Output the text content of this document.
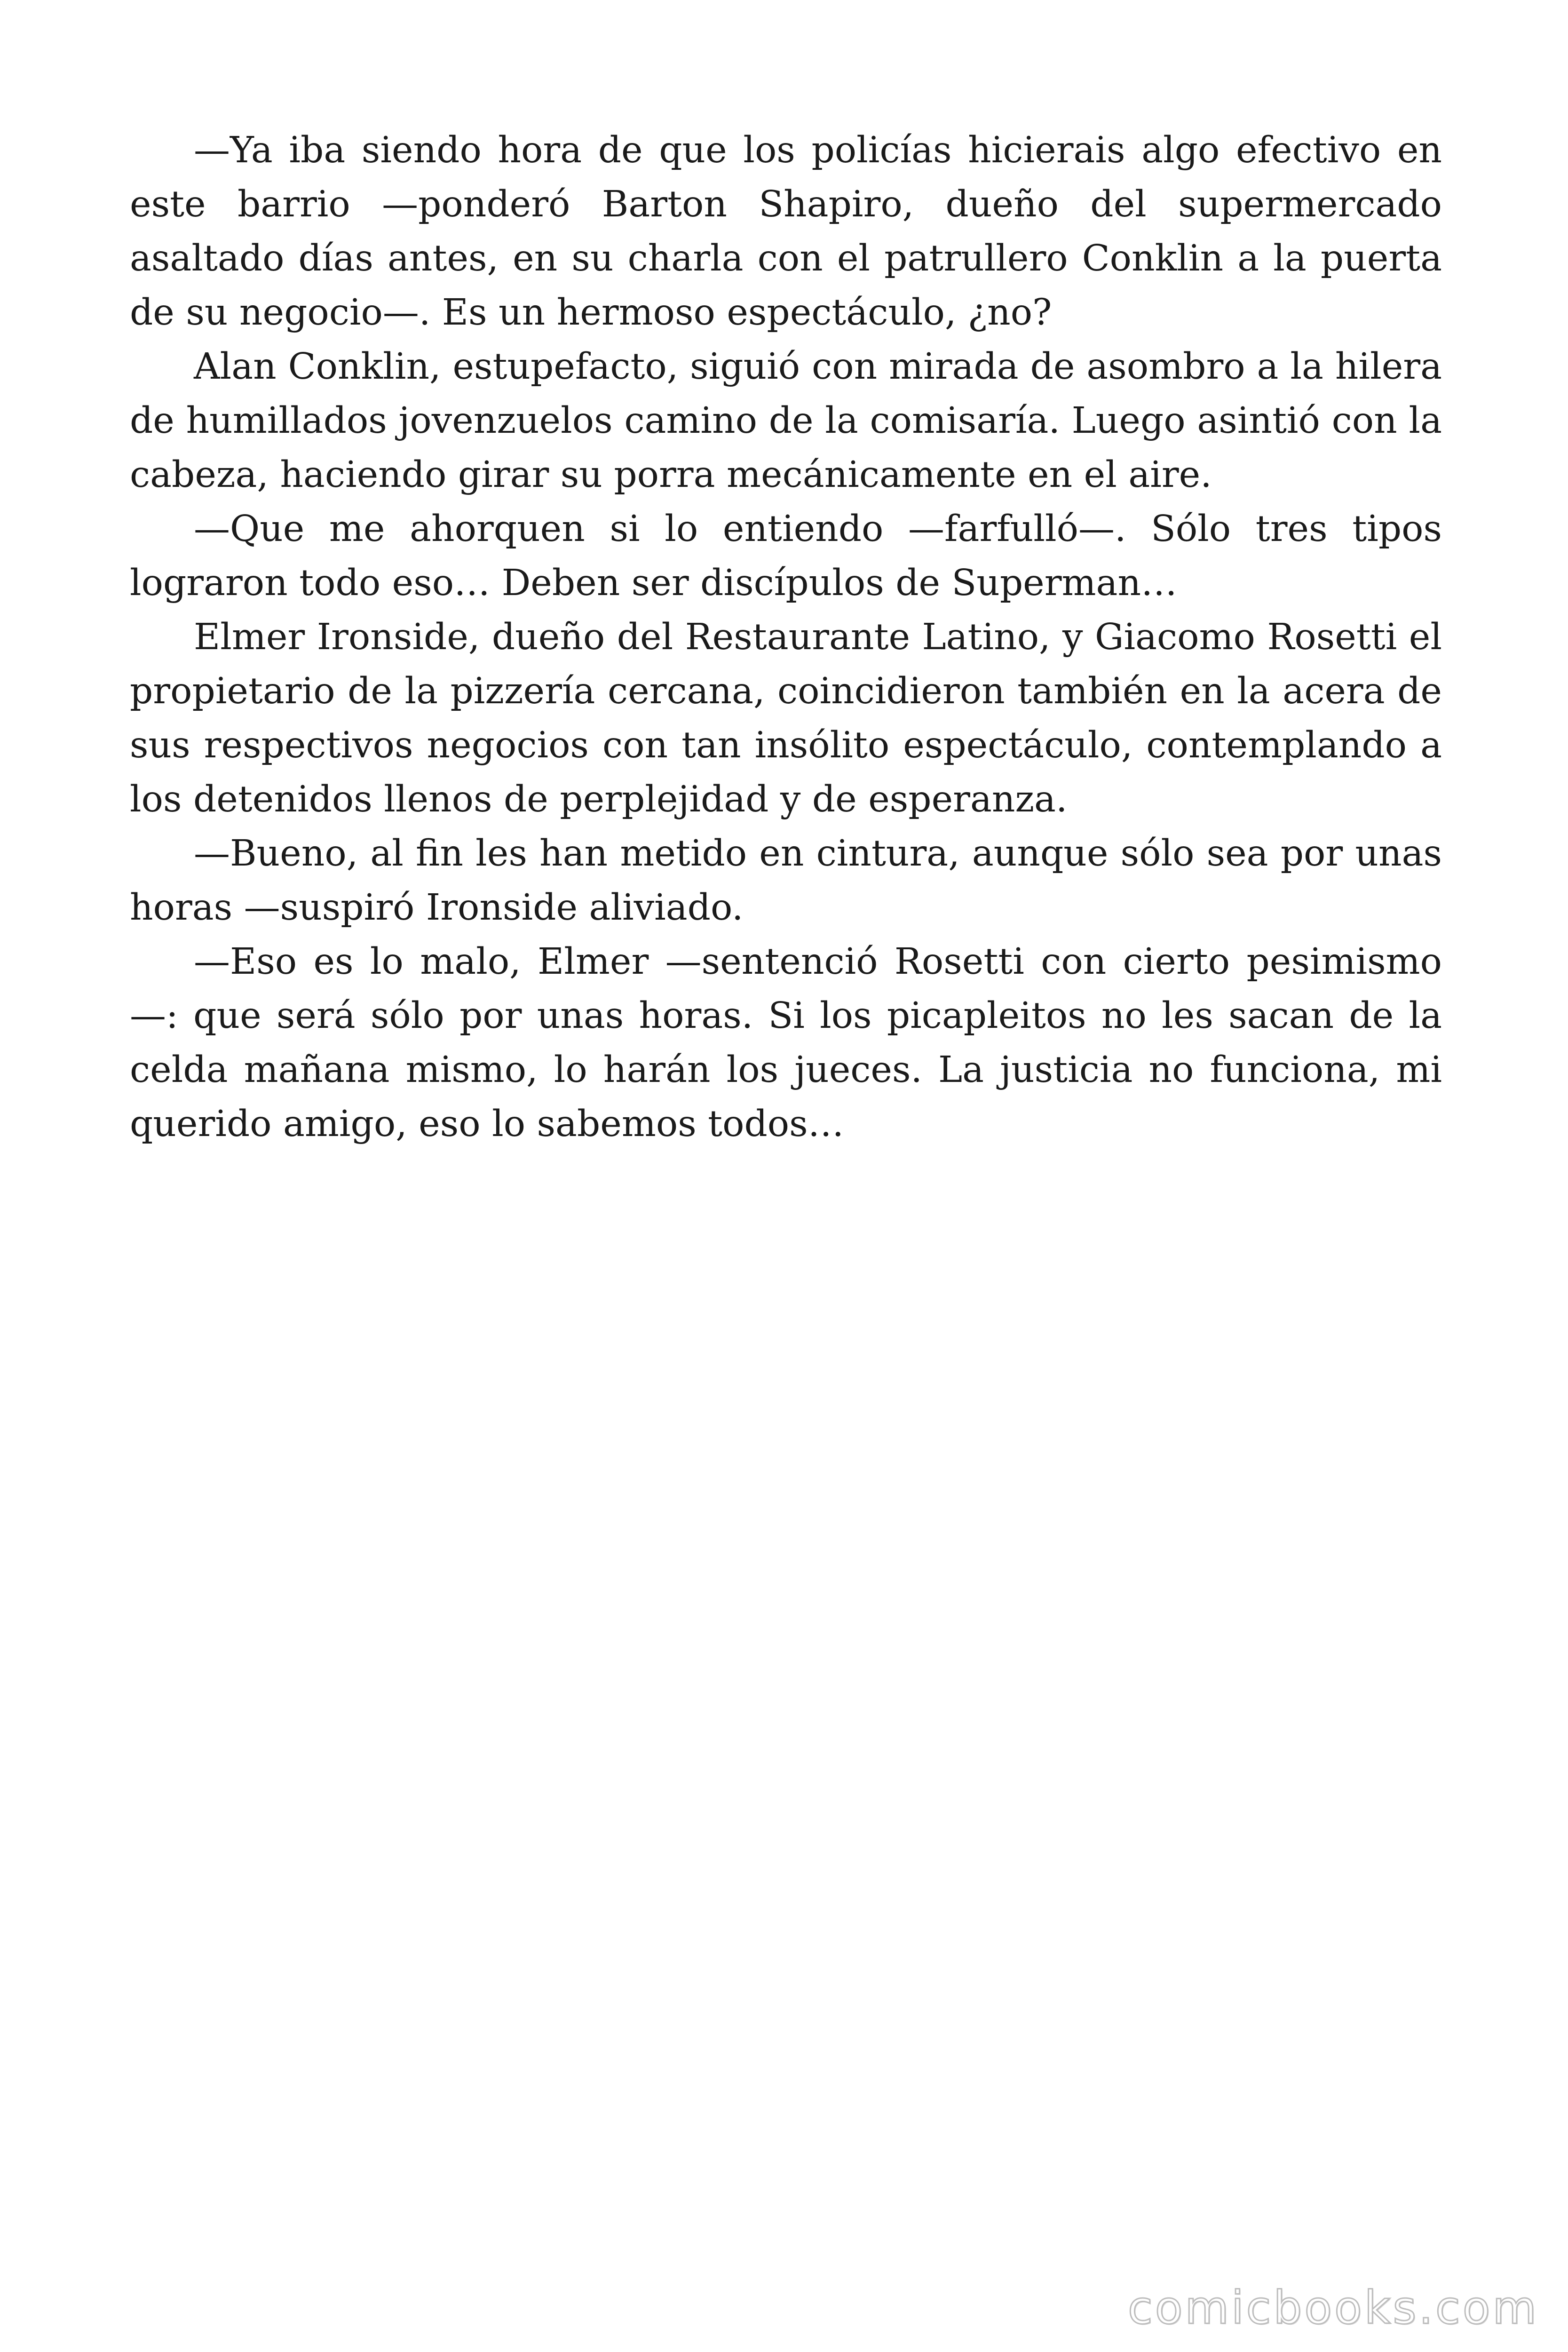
—Ya iba siendo hora de que los policías hicierais algo efectivo en este barrio —ponderó Barton Shapiro, dueño del supermercado asaltado días antes, en su charla con el patrullero Conklin a la puerta de su negocio—. Es un hermoso espectáculo, ¿no?

Alan Conklin, estupefacto, siguió con mirada de asombro a la hilera de humillados jovenzuelos camino de la comisaría. Luego asintió con la cabeza, haciendo girar su porra mecánicamente en el aire.

—Que me ahorquen si lo entiendo —farfulló—. Sólo tres tipos lograron todo eso… Deben ser discípulos de Superman…

Elmer Ironside, dueño del Restaurante Latino, y Giacomo Rosetti el propietario de la pizzería cercana, coincidieron también en la acera de sus respectivos negocios con tan insólito espectáculo, contemplando a los detenidos llenos de perplejidad y de esperanza.

—Bueno, al fin les han metido en cintura, aunque sólo sea por unas horas —suspiró Ironside aliviado.

—Eso es lo malo, Elmer —sentenció Rosetti con cierto pesimismo—: que será sólo por unas horas. Si los picapleitos no les sacan de la celda mañana mismo, lo harán los jueces. La justicia no funciona, mi querido amigo, eso lo sabemos todos…

comicbooks.com
